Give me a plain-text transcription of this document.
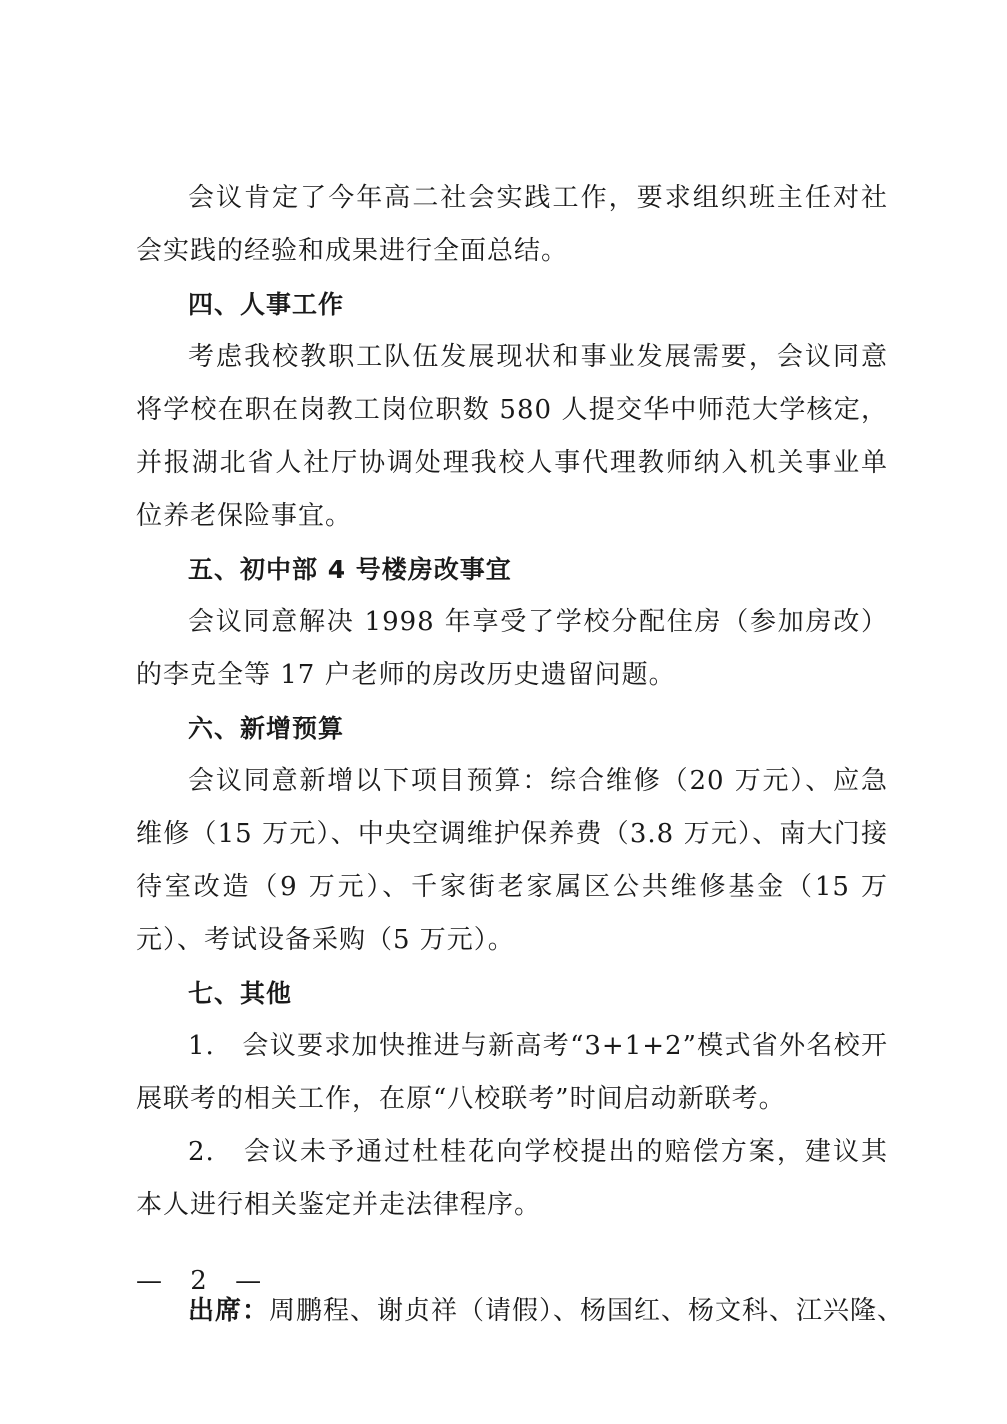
会议肯定了今年高二社会实践工作，要求组织班主任对社会实践的经验和成果进行全面总结。

四、人事工作

考虑我校教职工队伍发展现状和事业发展需要，会议同意将学校在职在岗教工岗位职数 580 人提交华中师范大学核定，并报湖北省人社厅协调处理我校人事代理教师纳入机关事业单位养老保险事宜。

五、初中部 4 号楼房改事宜

会议同意解决 1998 年享受了学校分配住房（参加房改）的李克全等 17 户老师的房改历史遗留问题。

六、新增预算

会议同意新增以下项目预算：综合维修（20 万元）、应急维修（15 万元）、中央空调维护保养费（3.8 万元）、南大门接待室改造（9 万元）、千家街老家属区公共维修基金（15 万元）、考试设备采购（5 万元）。

七、其他

1.　会议要求加快推进与新高考“3+1+2”模式省外名校开展联考的相关工作，在原“八校联考”时间启动新联考。

2.　会议未予通过杜桂花向学校提出的赔偿方案，建议其本人进行相关鉴定并走法律程序。

出席：周鹏程、谢贞祥（请假）、杨国红、杨文科、江兴隆、

— 2 —
